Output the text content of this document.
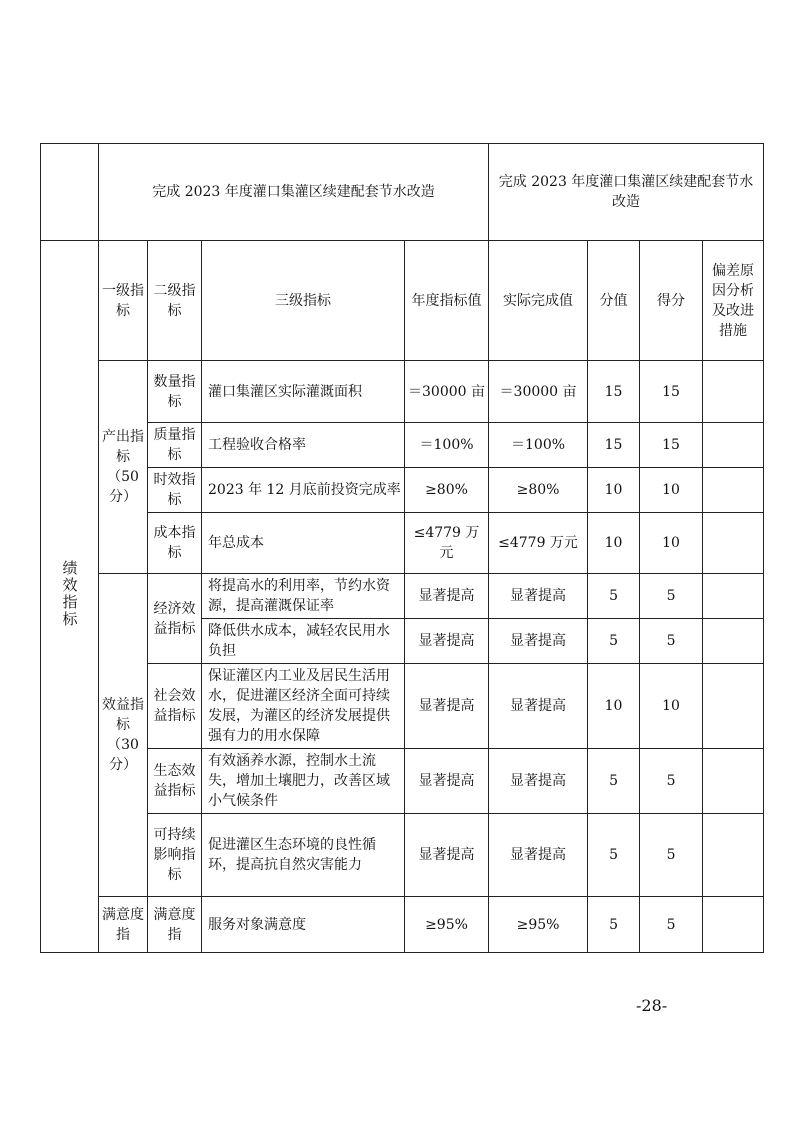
	完成 2023 年度灌口集灌区续建配套节水改造				完成 2023 年度灌口集灌区续建配套节水改造			
绩效指标	一级指标	二级指标	三级指标	年度指标值	实际完成值	分值	得分	偏差原因分析及改进措施
	产出指标（50 分）	数量指标	灌口集灌区实际灌溉面积	＝30000 亩	＝30000 亩	15	15	
		质量指标	工程验收合格率	＝100%	＝100%	15	15	
		时效指标	2023 年 12 月底前投资完成率	≥80%	≥80%	10	10	
		成本指标	年总成本	≤4779 万元	≤4779 万元	10	10	
	效益指标（30 分）	经济效益指标	将提高水的利用率，节约水资源，提高灌溉保证率	显著提高	显著提高	5	5	
			降低供水成本，减轻农民用水负担	显著提高	显著提高	5	5	
		社会效益指标	保证灌区内工业及居民生活用水，促进灌区经济全面可持续发展，为灌区的经济发展提供强有力的用水保障	显著提高	显著提高	10	10	
		生态效益指标	有效涵养水源，控制水土流失，增加土壤肥力，改善区域小气候条件	显著提高	显著提高	5	5	
		可持续影响指标	促进灌区生态环境的良性循环，提高抗自然灾害能力	显著提高	显著提高	5	5	
	满意度指	满意度指	服务对象满意度	≥95%	≥95%	5	5	
-28-
